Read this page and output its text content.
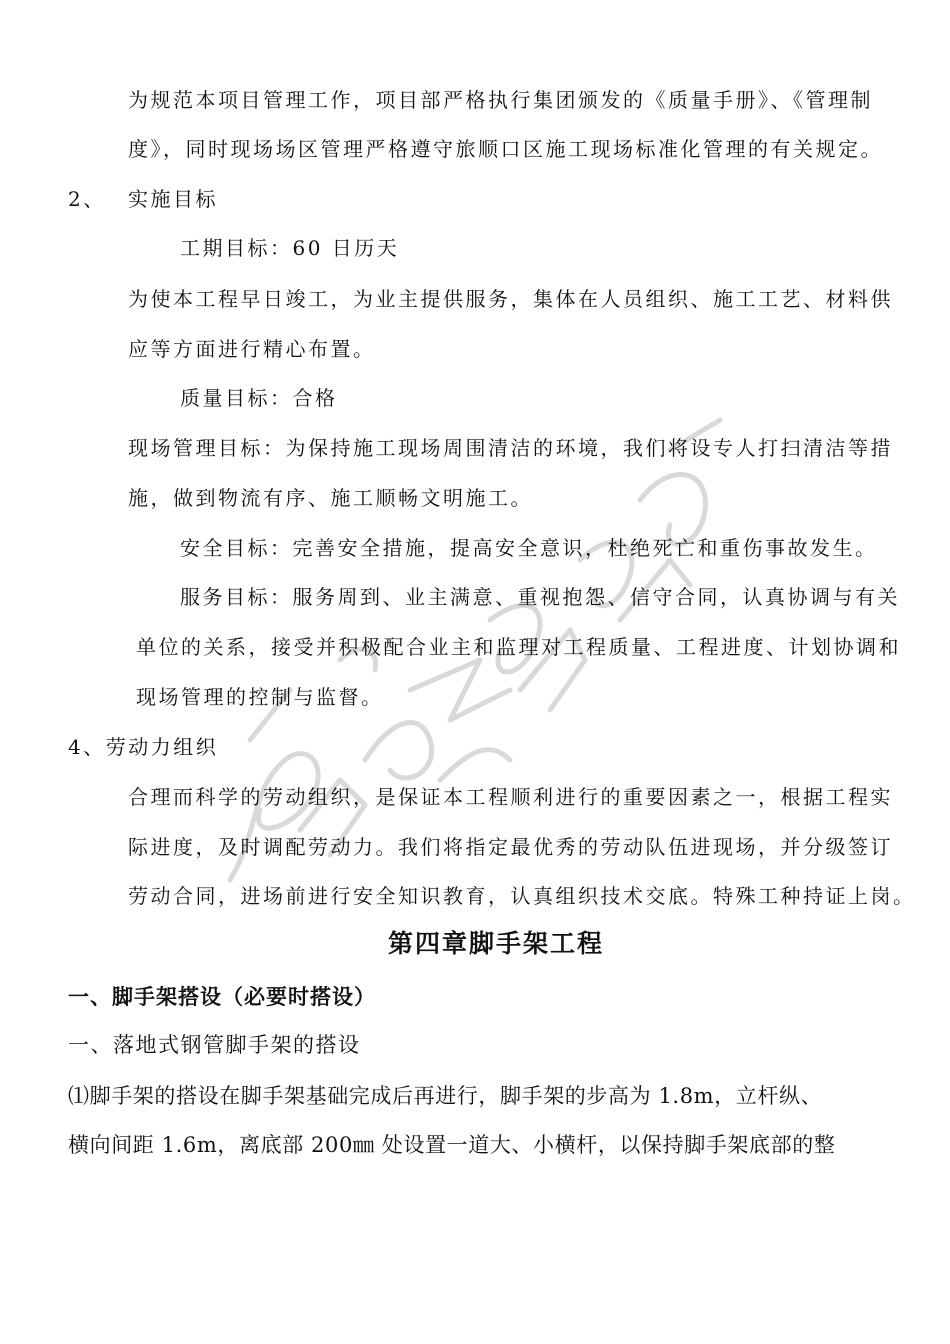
为规范本项目管理工作，项目部严格执行集团颁发的《质量手册》、《管理制
度》，同时现场场区管理严格遵守旅顺口区施工现场标准化管理的有关规定。
2、 实施目标
工期目标：60 日历天
为使本工程早日竣工，为业主提供服务，集体在人员组织、施工工艺、材料供
应等方面进行精心布置。
质量目标：合格
现场管理目标：为保持施工现场周围清洁的环境，我们将设专人打扫清洁等措
施，做到物流有序、施工顺畅文明施工。
安全目标：完善安全措施，提高安全意识，杜绝死亡和重伤事故发生。
服务目标：服务周到、业主满意、重视抱怨、信守合同，认真协调与有关
单位的关系，接受并积极配合业主和监理对工程质量、工程进度、计划协调和
现场管理的控制与监督。
4、劳动力组织
合理而科学的劳动组织，是保证本工程顺利进行的重要因素之一，根据工程实
际进度，及时调配劳动力。我们将指定最优秀的劳动队伍进现场，并分级签订
劳动合同，进场前进行安全知识教育，认真组织技术交底。特殊工种持证上岗。
第四章脚手架工程
一、脚手架搭设（必要时搭设）
一、落地式钢管脚手架的搭设
⑴脚手架的搭设在脚手架基础完成后再进行，脚手架的步高为 1.8m，立杆纵、
横向间距 1.6m，离底部 200㎜ 处设置一道大、小横杆，以保持脚手架底部的整
